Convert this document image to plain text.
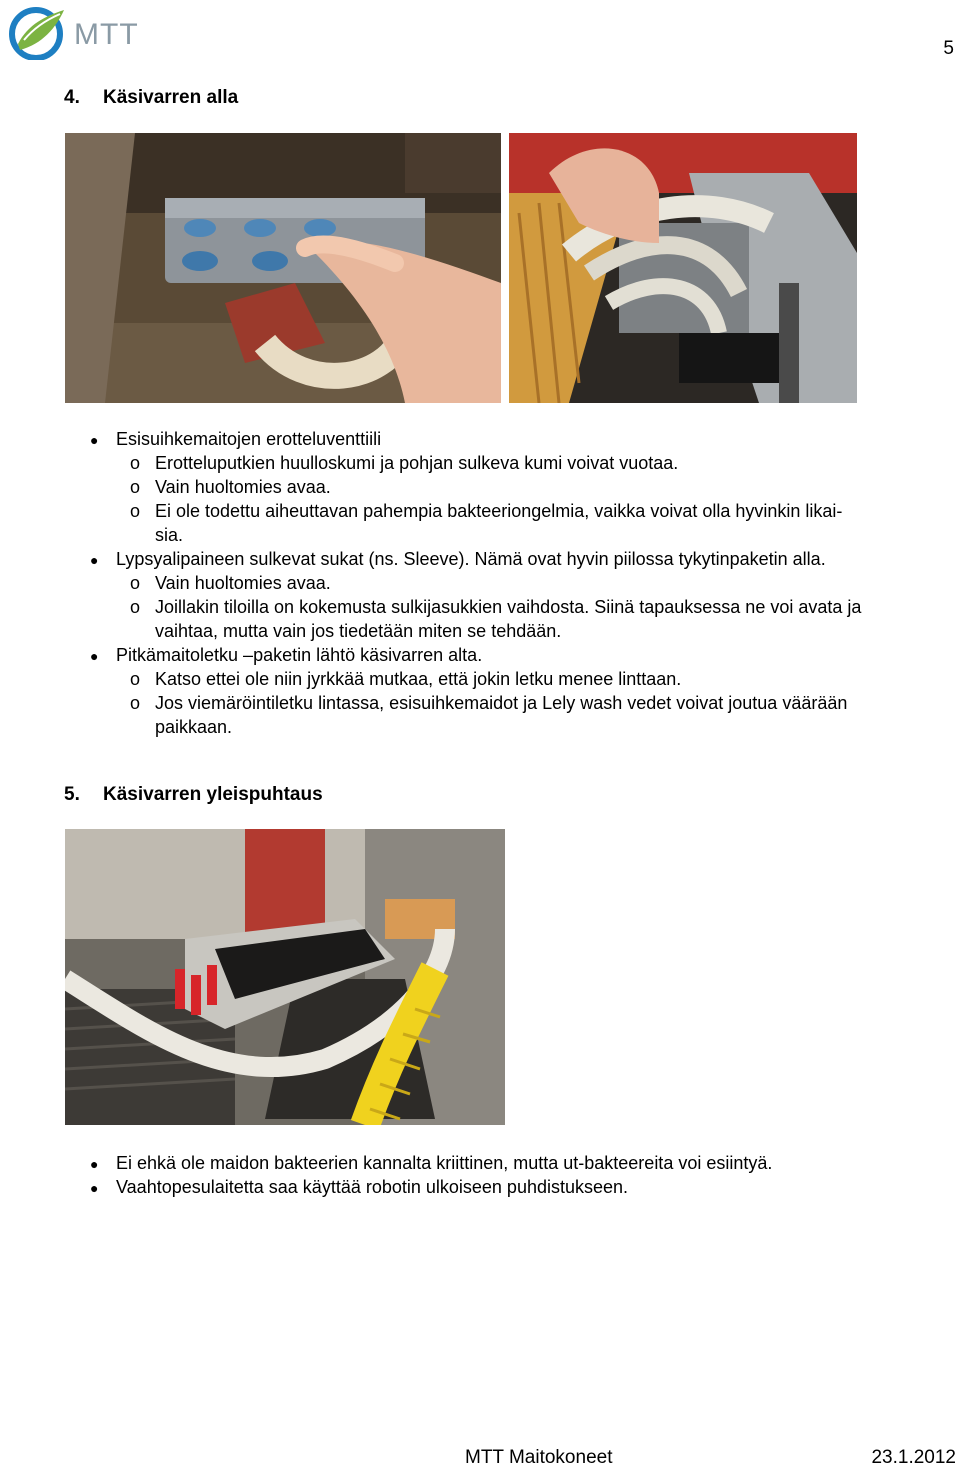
MTT	5
4. Käsivarren alla
● Esisuihkemaitojen erotteluventtiili
o Erotteluputkien huulloskumi ja pohjan sulkeva kumi voivat vuotaa.
o Vain huoltomies avaa.
o Ei ole todettu aiheuttavan pahempia bakteeriongelmia, vaikka voivat olla hyvinkin likai-
sia.
● Lypsyalipaineen sulkevat sukat (ns. Sleeve). Nämä ovat hyvin piilossa tykytinpaketin alla.
o Vain huoltomies avaa.
o Joillakin tiloilla on kokemusta sulkijasukkien vaihdosta. Siinä tapauksessa ne voi avata ja
vaihtaa, mutta vain jos tiedetään miten se tehdään.
● Pitkämaitoletku –paketin lähtö käsivarren alta.
o Katso ettei ole niin jyrkkää mutkaa, että jokin letku menee linttaan.
o Jos viemäröintiletku lintassa, esisuihkemaidot ja Lely wash vedet voivat joutua väärään
paikkaan.
5. Käsivarren yleispuhtaus
● Ei ehkä ole maidon bakteerien kannalta kriittinen, mutta ut-bakteereita voi esiintyä.
● Vaahtopesulaitetta saa käyttää robotin ulkoiseen puhdistukseen.
MTT Maitokoneet	23.1.2012
